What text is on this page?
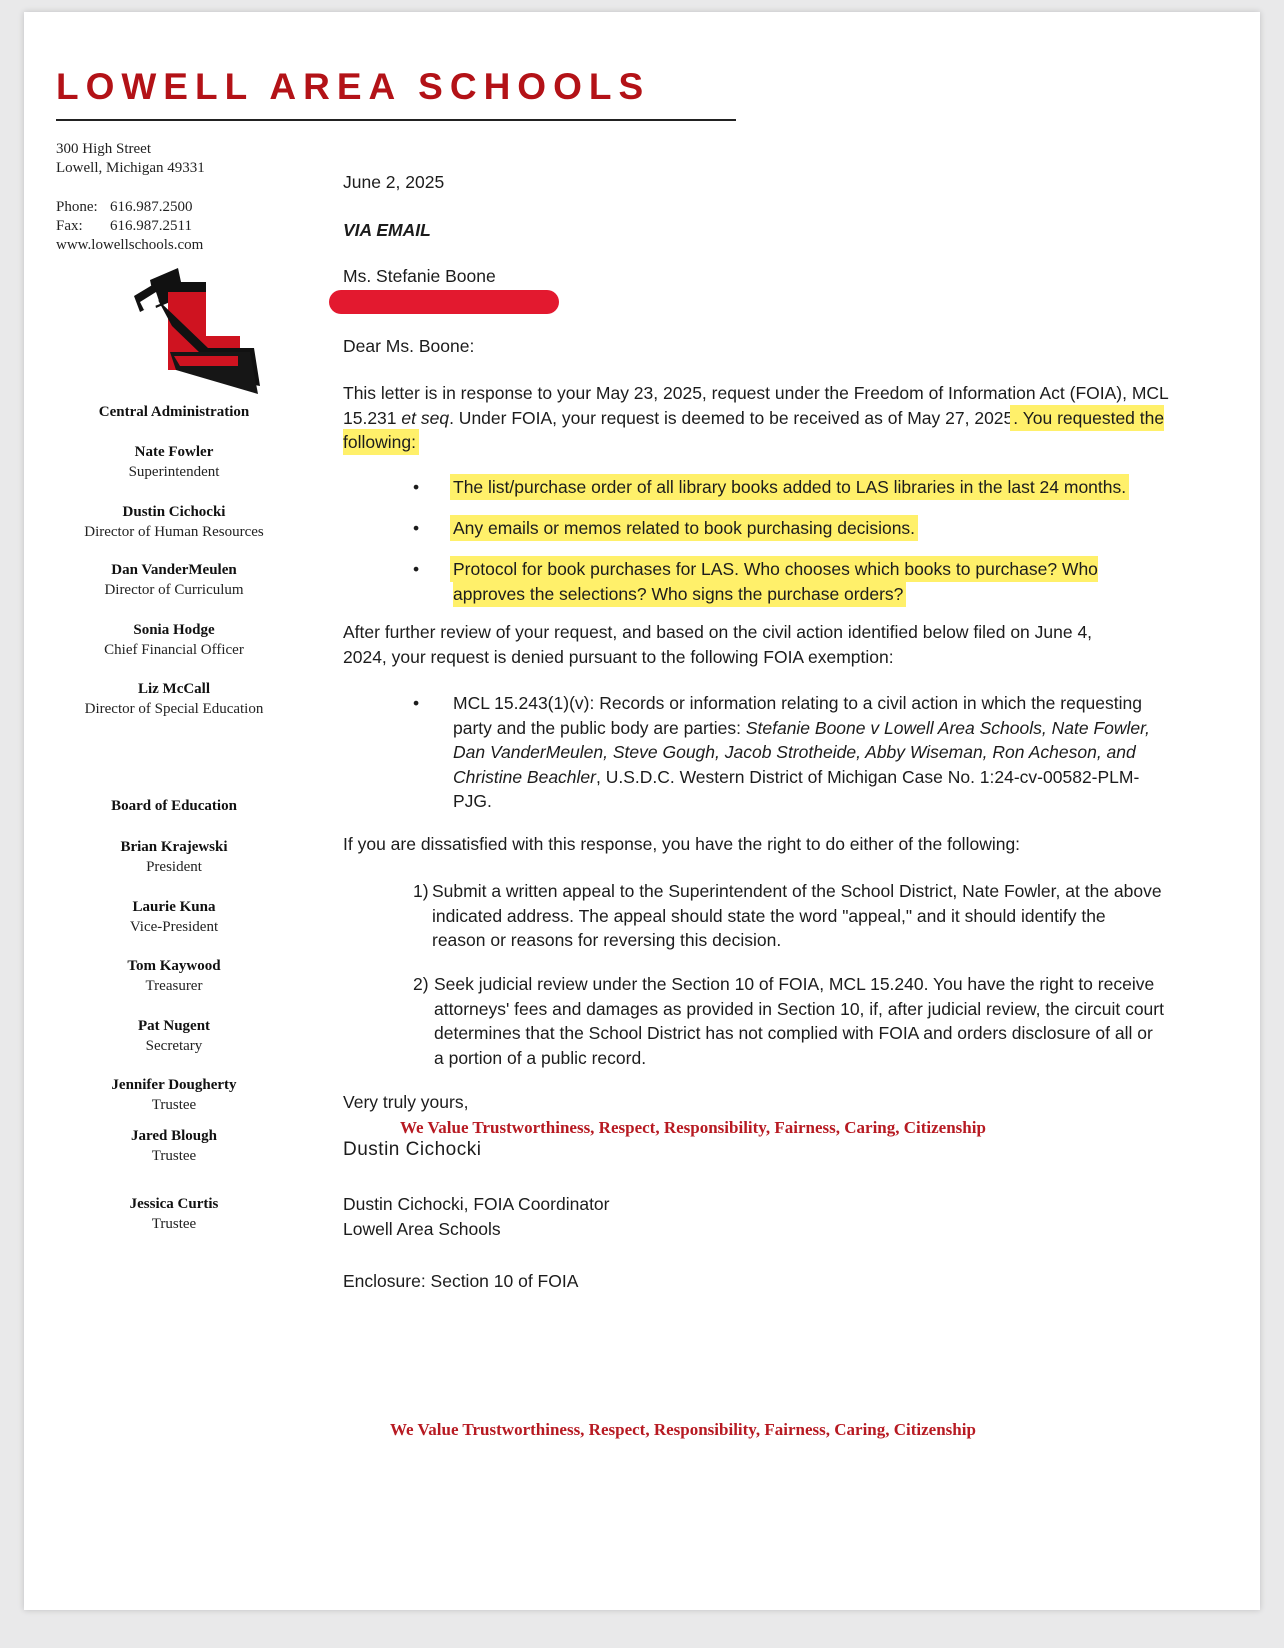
LOWELL AREA SCHOOLS
300 High Street
Lowell, Michigan 49331
Phone: 616.987.2500
Fax: 616.987.2511
www.lowellschools.com
Central Administration
Nate Fowler
Superintendent
Dustin Cichocki
Director of Human Resources
Dan VanderMeulen
Director of Curriculum
Sonia Hodge
Chief Financial Officer
Liz McCall
Director of Special Education
Board of Education
Brian Krajewski
President
Laurie Kuna
Vice-President
Tom Kaywood
Treasurer
Pat Nugent
Secretary
Jennifer Dougherty
Trustee
Jared Blough
Trustee
Jessica Curtis
Trustee
June 2, 2025
VIA EMAIL
Ms. Stefanie Boone
Dear Ms. Boone:
This letter is in response to your May 23, 2025, request under the Freedom of Information Act (FOIA), MCL 15.231 et seq. Under FOIA, your request is deemed to be received as of May 27, 2025. You requested the following:
• The list/purchase order of all library books added to LAS libraries in the last 24 months.
• Any emails or memos related to book purchasing decisions.
• Protocol for book purchases for LAS. Who chooses which books to purchase? Who approves the selections? Who signs the purchase orders?
After further review of your request, and based on the civil action identified below filed on June 4, 2024, your request is denied pursuant to the following FOIA exemption:
• MCL 15.243(1)(v): Records or information relating to a civil action in which the requesting party and the public body are parties: Stefanie Boone v Lowell Area Schools, Nate Fowler, Dan VanderMeulen, Steve Gough, Jacob Strotheide, Abby Wiseman, Ron Acheson, and Christine Beachler, U.S.D.C. Western District of Michigan Case No. 1:24-cv-00582-PLM-PJG.
If you are dissatisfied with this response, you have the right to do either of the following:
1) Submit a written appeal to the Superintendent of the School District, Nate Fowler, at the above indicated address. The appeal should state the word "appeal," and it should identify the reason or reasons for reversing this decision.
2) Seek judicial review under the Section 10 of FOIA, MCL 15.240. You have the right to receive attorneys' fees and damages as provided in Section 10, if, after judicial review, the circuit court determines that the School District has not complied with FOIA and orders disclosure of all or a portion of a public record.
Very truly yours,
We Value Trustworthiness, Respect, Responsibility, Fairness, Caring, Citizenship
Dustin Cichocki
Dustin Cichocki, FOIA Coordinator
Lowell Area Schools
Enclosure: Section 10 of FOIA
We Value Trustworthiness, Respect, Responsibility, Fairness, Caring, Citizenship
